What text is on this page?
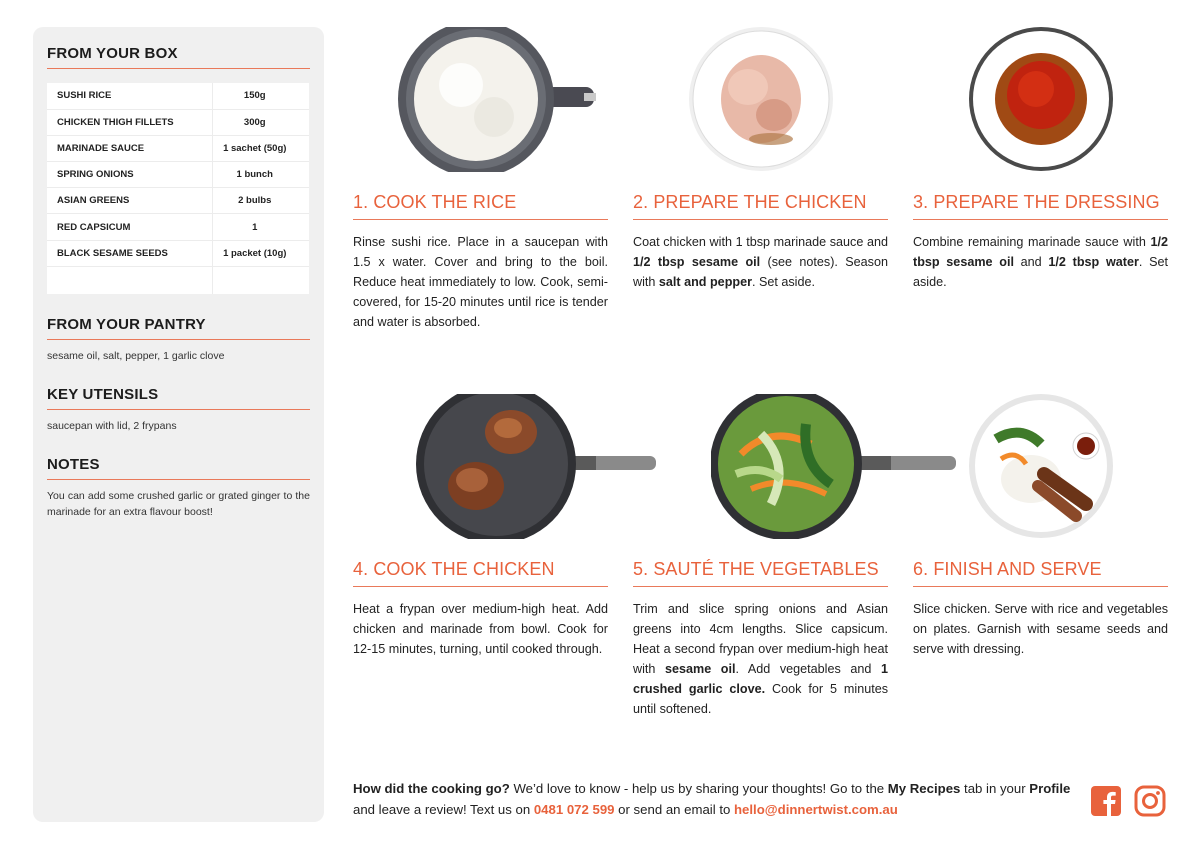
FROM YOUR BOX
SUSHI RICE	150g
CHICKEN THIGH FILLETS	300g
MARINADE SAUCE	1 sachet (50g)
SPRING ONIONS	1 bunch
ASIAN GREENS	2 bulbs
RED CAPSICUM	1
BLACK SESAME SEEDS	1 packet (10g)

FROM YOUR PANTRY
sesame oil, salt, pepper, 1 garlic clove
KEY UTENSILS
saucepan with lid, 2 frypans
NOTES
You can add some crushed garlic or grated ginger to the marinade for an extra flavour boost!
1. COOK THE RICE

Rinse sushi rice. Place in a saucepan with 1.5 x water. Cover and bring to the boil. Reduce heat immediately to low. Cook, semi-covered, for 15-20 minutes until rice is tender and water is absorbed.

2. PREPARE THE CHICKEN

Coat chicken with 1 tbsp marinade sauce and 1/2 tbsp sesame oil (see notes). Season with salt and pepper. Set aside.

3. PREPARE THE DRESSING

Combine remaining marinade sauce with 1/2 tbsp sesame oil and 1/2 tbsp water. Set aside.

4. COOK THE CHICKEN

Heat a frypan over medium-high heat. Add chicken and marinade from bowl. Cook for 12-15 minutes, turning, until cooked through.

5. SAUTÉ THE VEGETABLES

Trim and slice spring onions and Asian greens into 4cm lengths. Slice capsicum. Heat a second frypan over medium-high heat with sesame oil. Add vegetables and 1 crushed garlic clove. Cook for 5 minutes until softened.

6. FINISH AND SERVE

Slice chicken. Serve with rice and vegetables on plates. Garnish with sesame seeds and serve with dressing.

How did the cooking go? We’d love to know - help us by sharing your thoughts! Go to the My Recipes tab in your Profile and leave a review! Text us on 0481 072 599 or send an email to hello@dinnertwist.com.au
